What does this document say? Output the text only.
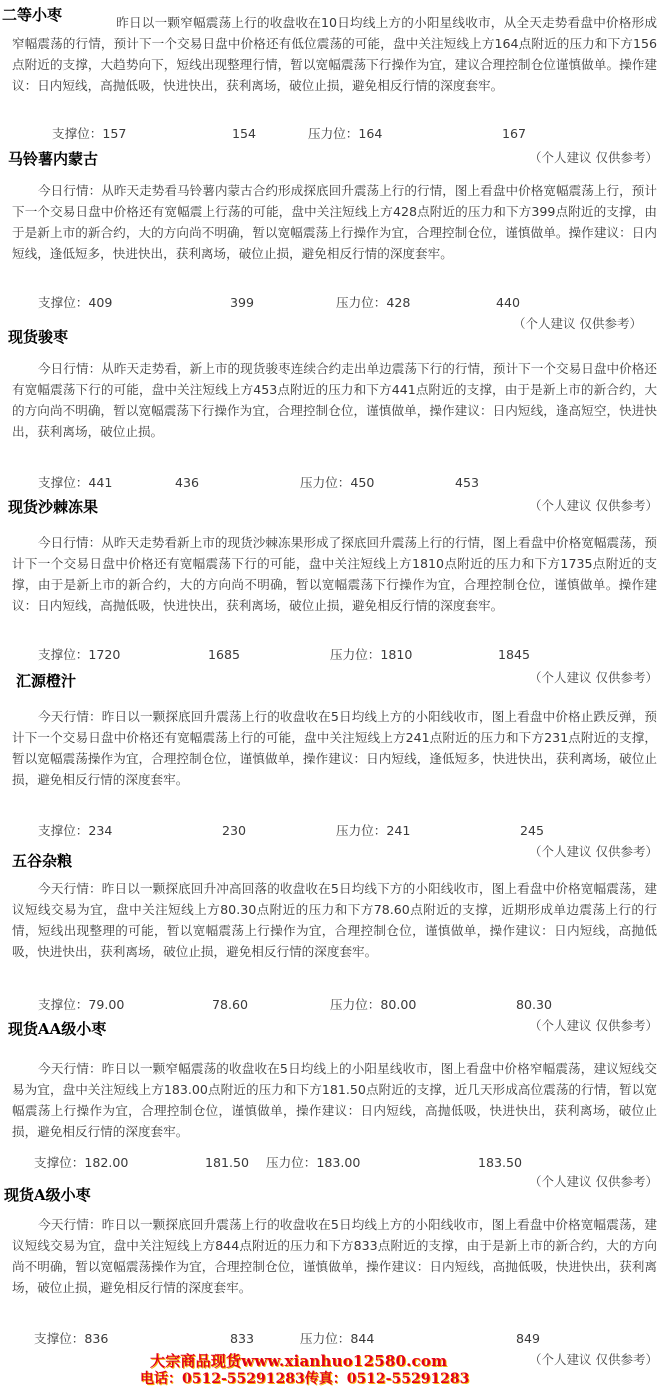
二等小枣	昨日以一颗窄幅震荡上行的收盘收在10日均线上方的小阳星线收市，从全天走势看盘中价格形成窄幅震荡的行情，预计下一个交易日盘中价格还有低位震荡的可能，盘中关注短线上方164点附近的压力和下方156点附近的支撑，大趋势向下，短线出现整理行情，暂以宽幅震荡下行操作为宜，建议合理控制仓位谨慎做单。操作建议：日内短线，高抛低吸，快进快出，获利离场，破位止损，避免相反行情的深度套牢。

支撑位：157	154	压力位：164	167
马铃薯内蒙古	（个人建议 仅供参考）

今日行情：从昨天走势看马铃薯内蒙古合约形成探底回升震荡上行的行情，图上看盘中价格宽幅震荡上行，预计下一个交易日盘中价格还有宽幅震上行荡的可能，盘中关注短线上方428点附近的压力和下方399点附近的支撑，由于是新上市的新合约，大的方向尚不明确，暂以宽幅震荡上行操作为宜，合理控制仓位，谨慎做单。操作建议：日内短线，逢低短多，快进快出，获利离场，破位止损，避免相反行情的深度套牢。

支撑位：409	399	压力位：428	440
现货骏枣
（个人建议 仅供参考）

今日行情：从昨天走势看，新上市的现货骏枣连续合约走出单边震荡下行的行情，预计下一个交易日盘中价格还有宽幅震荡下行的可能，盘中关注短线上方453点附近的压力和下方441点附近的支撑，由于是新上市的新合约，大的方向尚不明确，暂以宽幅震荡下行操作为宜，合理控制仓位，谨慎做单，操作建议：日内短线，逢高短空，快进快出，获利离场，破位止损。

支撑位：441	436	压力位：450	453
现货沙棘冻果	（个人建议 仅供参考）

今日行情：从昨天走势看新上市的现货沙棘冻果形成了探底回升震荡上行的行情，图上看盘中价格宽幅震荡，预计下一个交易日盘中价格还有宽幅震荡下行的可能，盘中关注短线上方1810点附近的压力和下方1735点附近的支撑，由于是新上市的新合约，大的方向尚不明确，暂以宽幅震荡下行操作为宜，合理控制仓位，谨慎做单。操作建议：日内短线，高抛低吸，快进快出，获利离场，破位止损，避免相反行情的深度套牢。

支撑位：1720	1685	压力位：1810	1845
汇源橙汁	（个人建议 仅供参考）

今天行情：昨日以一颗探底回升震荡上行的收盘收在5日均线上方的小阳线收市，图上看盘中价格止跌反弹，预计下一个交易日盘中价格还有宽幅震荡上行的可能，盘中关注短线上方241点附近的压力和下方231点附近的支撑，暂以宽幅震荡操作为宜，合理控制仓位，谨慎做单，操作建议：日内短线，逢低短多，快进快出，获利离场，破位止损，避免相反行情的深度套牢。

支撑位：234	230	压力位：241	245
五谷杂粮
（个人建议 仅供参考）

今天行情：昨日以一颗探底回升冲高回落的收盘收在5日均线下方的小阳线收市，图上看盘中价格宽幅震荡，建议短线交易为宜，盘中关注短线上方80.30点附近的压力和下方78.60点附近的支撑，近期形成单边震荡上行的行情，短线出现整理的可能，暂以宽幅震荡上行操作为宜，合理控制仓位，谨慎做单，操作建议：日内短线，高抛低吸，快进快出，获利离场，破位止损，避免相反行情的深度套牢。

支撑位：79.00	78.60	压力位：80.00	80.30
现货AA级小枣	（个人建议 仅供参考）

今天行情：昨日以一颗窄幅震荡的收盘收在5日均线上的小阳星线收市，图上看盘中价格窄幅震荡，建议短线交易为宜，盘中关注短线上方183.00点附近的压力和下方181.50点附近的支撑，近几天形成高位震荡的行情，暂以宽幅震荡上行操作为宜，合理控制仓位，谨慎做单，操作建议：日内短线，高抛低吸，快进快出，获利离场，破位止损，避免相反行情的深度套牢。

支撑位：182.00	181.50 压力位：183.00	183.50
现货A级小枣
（个人建议 仅供参考）

今天行情：昨日以一颗探底回升震荡上行的收盘收在5日均线上方的小阳线收市，图上看盘中价格宽幅震荡，建议短线交易为宜，盘中关注短线上方844点附近的压力和下方833点附近的支撑，由于是新上市的新合约，大的方向尚不明确，暂以宽幅震荡操作为宜，合理控制仓位，谨慎做单，操作建议：日内短线，高抛低吸，快进快出，获利离场，破位止损，避免相反行情的深度套牢。

支撑位：836	833	压力位：844	849
大宗商品现货www.xianhuo12580.com
电话：0512-55291283传真：0512-55291283
（个人建议 仅供参考）
